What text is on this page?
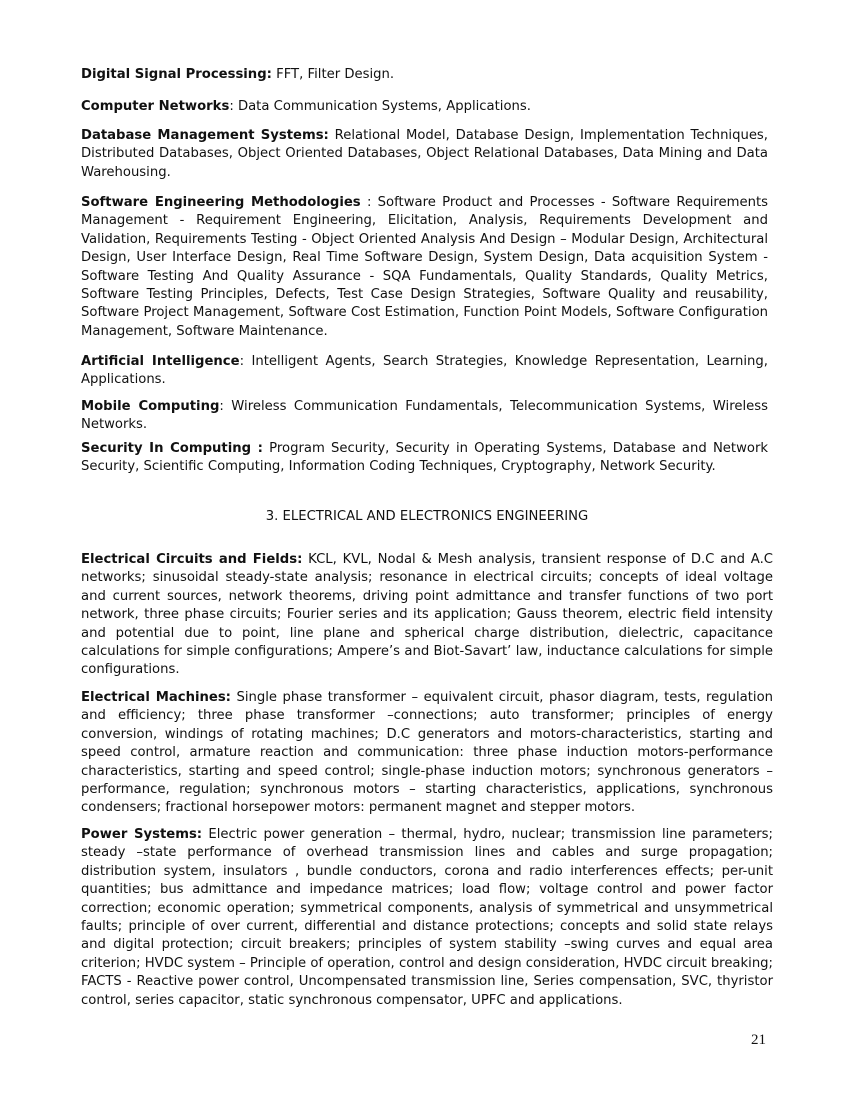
Digital Signal Processing: FFT, Filter Design.

Computer Networks: Data Communication Systems, Applications.

Database Management Systems: Relational Model, Database Design, Implementation Techniques, Distributed Databases, Object Oriented Databases, Object Relational Databases, Data Mining and Data Warehousing.

Software Engineering Methodologies : Software Product and Processes - Software Requirements Management - Requirement Engineering, Elicitation, Analysis, Requirements Development and Validation, Requirements Testing - Object Oriented Analysis And Design – Modular Design, Architectural Design, User Interface Design, Real Time Software Design, System Design, Data acquisition System - Software Testing And Quality Assurance - SQA Fundamentals, Quality Standards, Quality Metrics, Software Testing Principles, Defects, Test Case Design Strategies, Software Quality and reusability, Software Project Management, Software Cost Estimation, Function Point Models, Software Configuration Management, Software Maintenance.

Artificial Intelligence: Intelligent Agents, Search Strategies, Knowledge Representation, Learning, Applications.

Mobile Computing: Wireless Communication Fundamentals, Telecommunication Systems, Wireless Networks.

Security In Computing : Program Security, Security in Operating Systems, Database and Network Security, Scientific Computing, Information Coding Techniques, Cryptography, Network Security.

3. ELECTRICAL AND ELECTRONICS ENGINEERING

Electrical Circuits and Fields: KCL, KVL, Nodal & Mesh analysis, transient response of D.C and A.C networks; sinusoidal steady-state analysis; resonance in electrical circuits; concepts of ideal voltage and current sources, network theorems, driving point admittance and transfer functions of two port network, three phase circuits; Fourier series and its application; Gauss theorem, electric field intensity and potential due to point, line plane and spherical charge distribution, dielectric, capacitance calculations for simple configurations; Ampere’s and Biot-Savart’ law, inductance calculations for simple configurations.

Electrical Machines: Single phase transformer – equivalent circuit, phasor diagram, tests, regulation and efficiency; three phase transformer –connections; auto transformer; principles of energy conversion, windings of rotating machines; D.C generators and motors-characteristics, starting and speed control, armature reaction and communication: three phase induction motors-performance characteristics, starting and speed control; single-phase induction motors; synchronous generators – performance, regulation; synchronous motors – starting characteristics, applications, synchronous condensers; fractional horsepower motors: permanent magnet and stepper motors.

Power Systems: Electric power generation – thermal, hydro, nuclear; transmission line parameters; steady –state performance of overhead transmission lines and cables and surge propagation; distribution system, insulators , bundle conductors, corona and radio interferences effects; per-unit quantities; bus admittance and impedance matrices; load flow; voltage control and power factor correction; economic operation; symmetrical components, analysis of symmetrical and unsymmetrical faults; principle of over current, differential and distance protections; concepts and solid state relays and digital protection; circuit breakers; principles of system stability –swing curves and equal area criterion; HVDC system – Principle of operation, control and design consideration, HVDC circuit breaking; FACTS - Reactive power control, Uncompensated transmission line, Series compensation, SVC, thyristor control, series capacitor, static synchronous compensator, UPFC and applications.

21
